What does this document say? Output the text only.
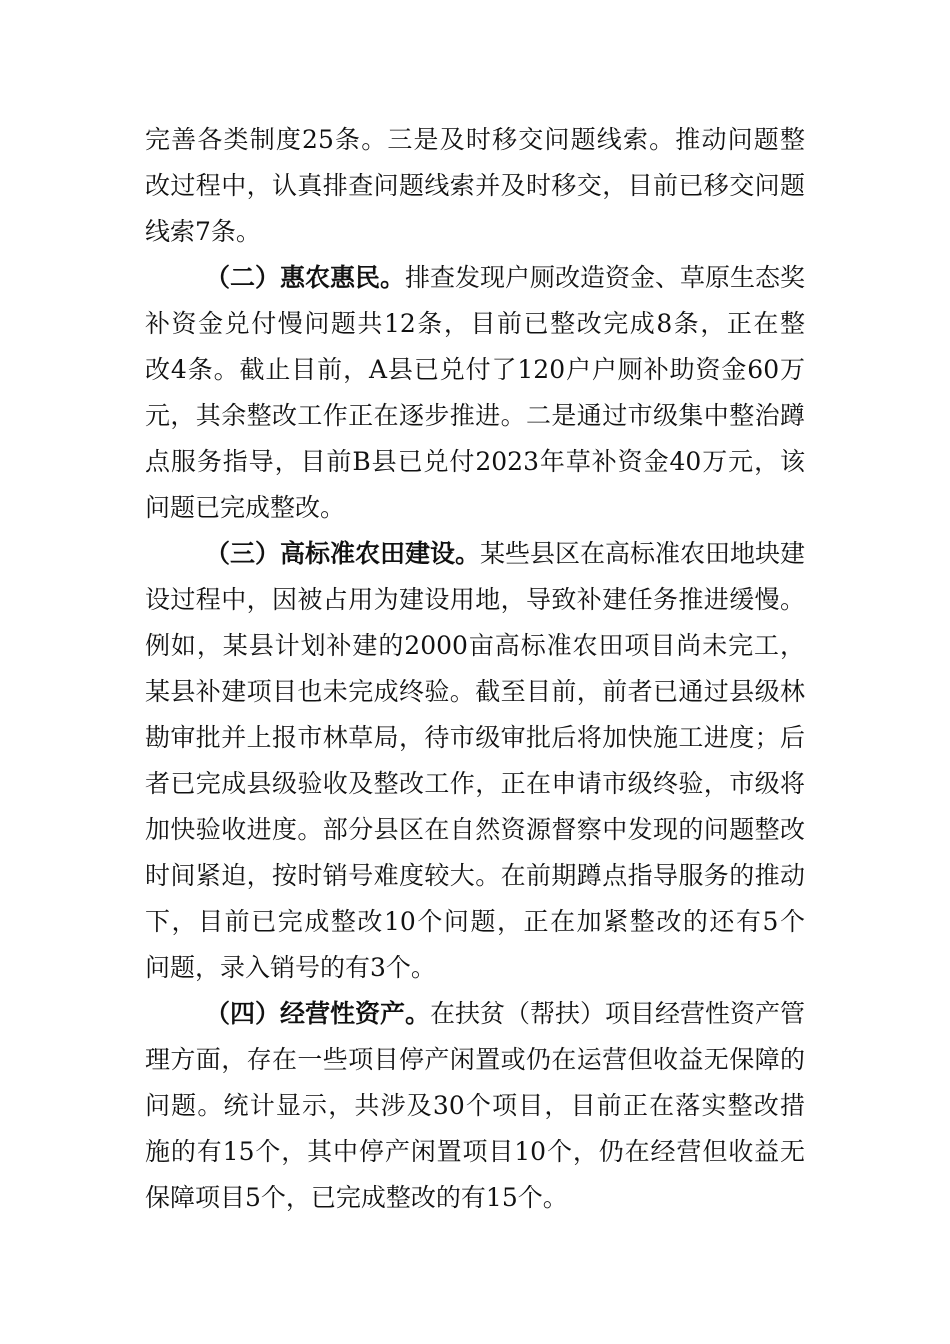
完善各类制度25条。三是及时移交问题线索。推动问题整
改过程中，认真排查问题线索并及时移交，目前已移交问题
线索7条。
（二）惠农惠民。排查发现户厕改造资金、草原生态奖
补资金兑付慢问题共12条，目前已整改完成8条，正在整
改4条。截止目前，A县已兑付了120户户厕补助资金60万
元，其余整改工作正在逐步推进。二是通过市级集中整治蹲
点服务指导，目前B县已兑付2023年草补资金40万元，该
问题已完成整改。
（三）高标准农田建设。某些县区在高标准农田地块建
设过程中，因被占用为建设用地，导致补建任务推进缓慢。
例如，某县计划补建的2000亩高标准农田项目尚未完工，
某县补建项目也未完成终验。截至目前，前者已通过县级林
勘审批并上报市林草局，待市级审批后将加快施工进度；后
者已完成县级验收及整改工作，正在申请市级终验，市级将
加快验收进度。部分县区在自然资源督察中发现的问题整改
时间紧迫，按时销号难度较大。在前期蹲点指导服务的推动
下，目前已完成整改10个问题，正在加紧整改的还有5个
问题，录入销号的有3个。
（四）经营性资产。在扶贫（帮扶）项目经营性资产管
理方面，存在一些项目停产闲置或仍在运营但收益无保障的
问题。统计显示，共涉及30个项目，目前正在落实整改措
施的有15个，其中停产闲置项目10个，仍在经营但收益无
保障项目5个，已完成整改的有15个。
